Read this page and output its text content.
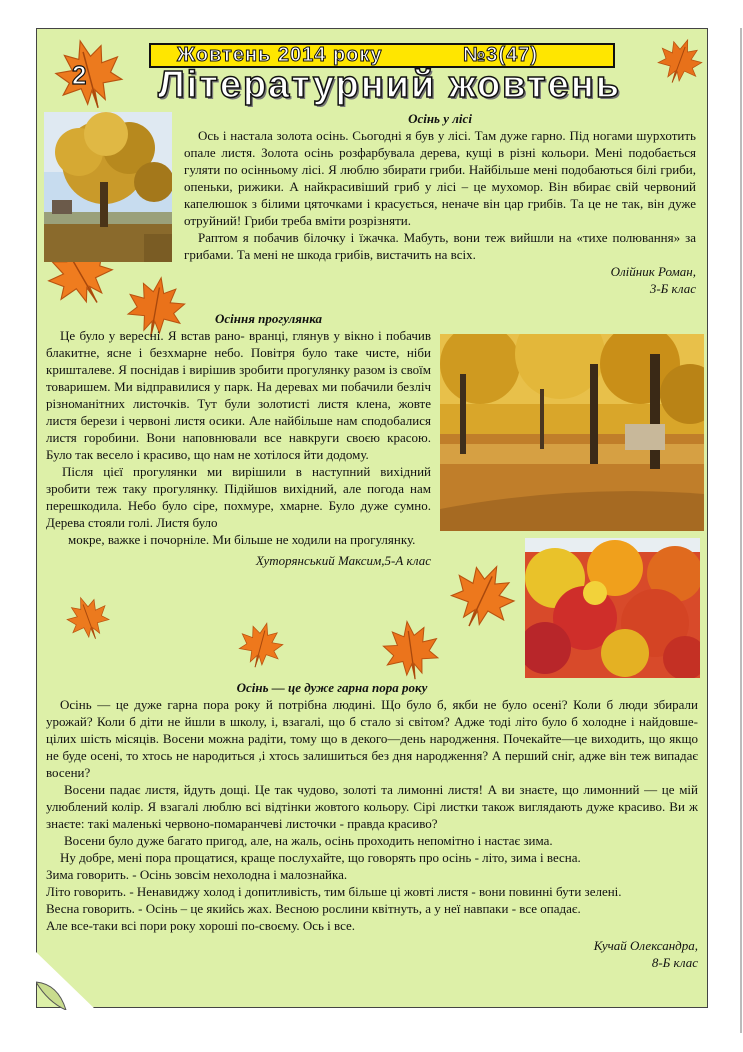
Жовтень 2014 року	№3(47)
Літературний жовтень
2

Осінь у лісі

Ось і настала золота осінь. Сьогодні я був у лісі. Там дуже гарно. Під ногами шурхотить опале листя. Золота осінь розфарбувала дерева, кущі в різні кольори. Мені подобається гуляти по осінньому лісі. Я люблю збирати гриби. Найбільше мені подобаються білі гриби, опеньки, рижики. А найкрасивіший гриб у лісі – це мухомор. Він вбирає свій червоний капелюшок з білими цяточками і красується, неначе він цар грибів. Та це не так, він дуже отруйний! Гриби треба вміти розрізняти.

Раптом я побачив білочку і їжачка. Мабуть, вони теж вийшли на «тихе полювання» за грибами. Та мені не шкода грибів, вистачить на всіх.

Олійник Роман,

3-Б клас

Осіння прогулянка

Це було у вересні. Я встав рано- вранці, глянув у вікно і побачив блакитне, ясне і безхмарне небо. Повітря було таке чисте, ніби кришталеве. Я поснідав і вирішив зробити прогулянку разом із своїм товаришем. Ми відправилися у парк. На деревах ми побачили безліч різноманітних листочків. Тут були золотисті листя клена, жовте листя берези і червоні листя осики. Але найбільше нам сподобалися листя горобини. Вони наповнювали все навкруги своєю красою. Було так весело і красиво, що нам не хотілося йти додому.

Після цієї прогулянки ми вирішили в наступний вихідний зробити теж таку прогулянку. Підійшов вихідний, але погода нам перешкодила. Небо було сіре, похмуре, хмарне. Було дуже сумно. Дерева стояли голі. Листя було

мокре, важке і почорніле. Ми більше не ходили на прогулянку.

Хуторянський Максим,5-А клас

Осінь — це дуже гарна пора року

Осінь — це дуже гарна пора року й потрібна людині. Що було б, якби не було осені? Коли б люди збирали урожай? Коли б діти не йшли в школу, і, взагалі, що б стало зі світом? Адже тоді літо було б холодне і найдовше-цілих шість місяців. Восени можна радіти, тому що в декого—день народження. Почекайте—це виходить, що якщо не буде осені, то хтось не народиться ,і хтось залишиться без дня народження? А перший сніг, адже він теж випадає восени?

Восени падає листя, йдуть дощі. Це так чудово, золоті та лимонні листя! А ви знаєте, що лимонний — це мій улюблений колір. Я взагалі люблю всі відтінки жовтого кольору. Сірі листки також виглядають дуже красиво. Ви ж знаєте: такі маленькі червоно-помаранчеві листочки - правда красиво?

Восени було дуже багато пригод, але, на жаль, осінь проходить непомітно і настає зима.

Ну добре, мені пора прощатися, краще послухайте, що говорять про осінь - літо, зима і весна.

Зима говорить. - Осінь зовсім нехолодна і малознайка.

Літо говорить. - Ненавиджу холод і допитливість, тим більше ці жовті листя - вони повинні бути зелені.

Весна говорить. - Осінь – це якийсь жах. Весною рослини квітнуть, а у неї навпаки - все опадає.

Але все-таки всі пори року хороші по-своєму. Ось і все.

Кучай Олександра,

8-Б клас
